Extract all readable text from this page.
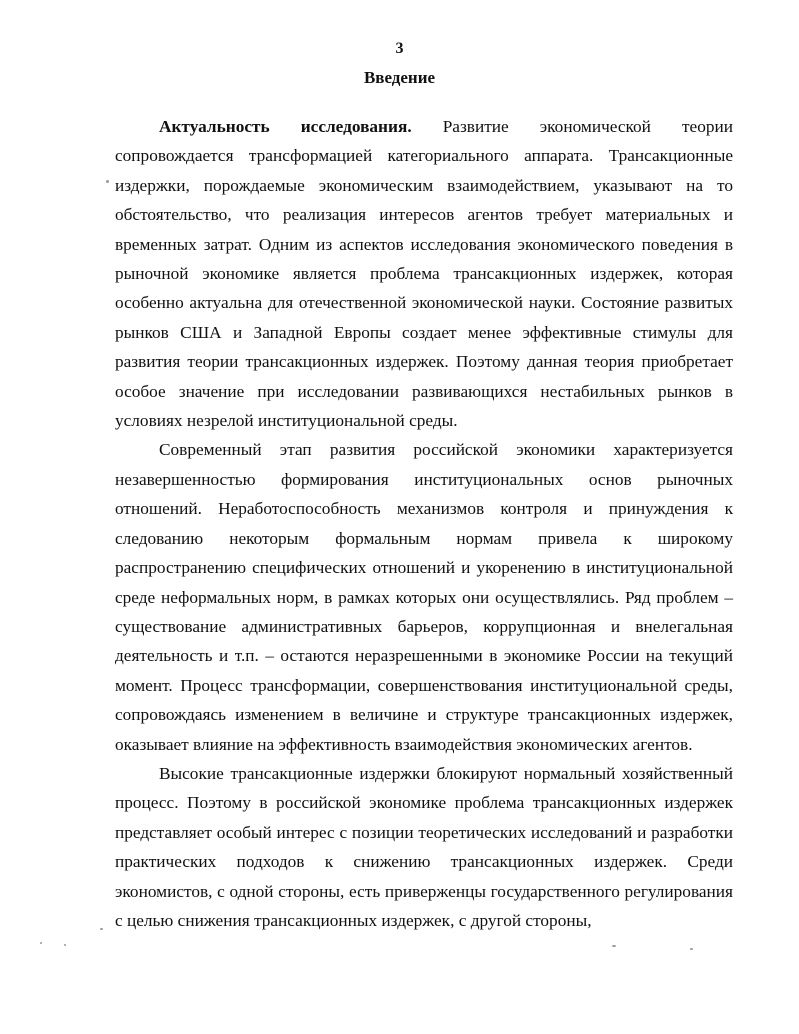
3
Введение

Актуальность исследования. Развитие экономической теории сопровождается трансформацией категориального аппарата. Трансакционные издержки, порождаемые экономическим взаимодействием, указывают на то обстоятельство, что реализация интересов агентов требует материальных и временных затрат. Одним из аспектов исследования экономического поведения в рыночной экономике является проблема трансакционных издержек, которая особенно актуальна для отечественной экономической науки. Состояние развитых рынков США и Западной Европы создает менее эффективные стимулы для развития теории трансакционных издержек. Поэтому данная теория приобретает особое значение при исследовании развивающихся нестабильных рынков в условиях незрелой институциональной среды.

Современный этап развития российской экономики характеризуется незавершенностью формирования институциональных основ рыночных отношений. Неработоспособность механизмов контроля и принуждения к следованию некоторым формальным нормам привела к широкому распространению специфических отношений и укоренению в институциональной среде неформальных норм, в рамках которых они осуществлялись. Ряд проблем – существование административных барьеров, коррупционная и внелегальная деятельность и т.п. – остаются неразрешенными в экономике России на текущий момент. Процесс трансформации, совершенствования институциональной среды, сопровождаясь изменением в величине и структуре трансакционных издержек, оказывает влияние на эффективность взаимодействия экономических агентов.

Высокие трансакционные издержки блокируют нормальный хозяйственный процесс. Поэтому в российской экономике проблема трансакционных издержек представляет особый интерес с позиции теоретических исследований и разработки практических подходов к снижению трансакционных издержек. Среди экономистов, с одной стороны, есть приверженцы государственного регулирования с целью снижения трансакционных издержек, с другой стороны,
